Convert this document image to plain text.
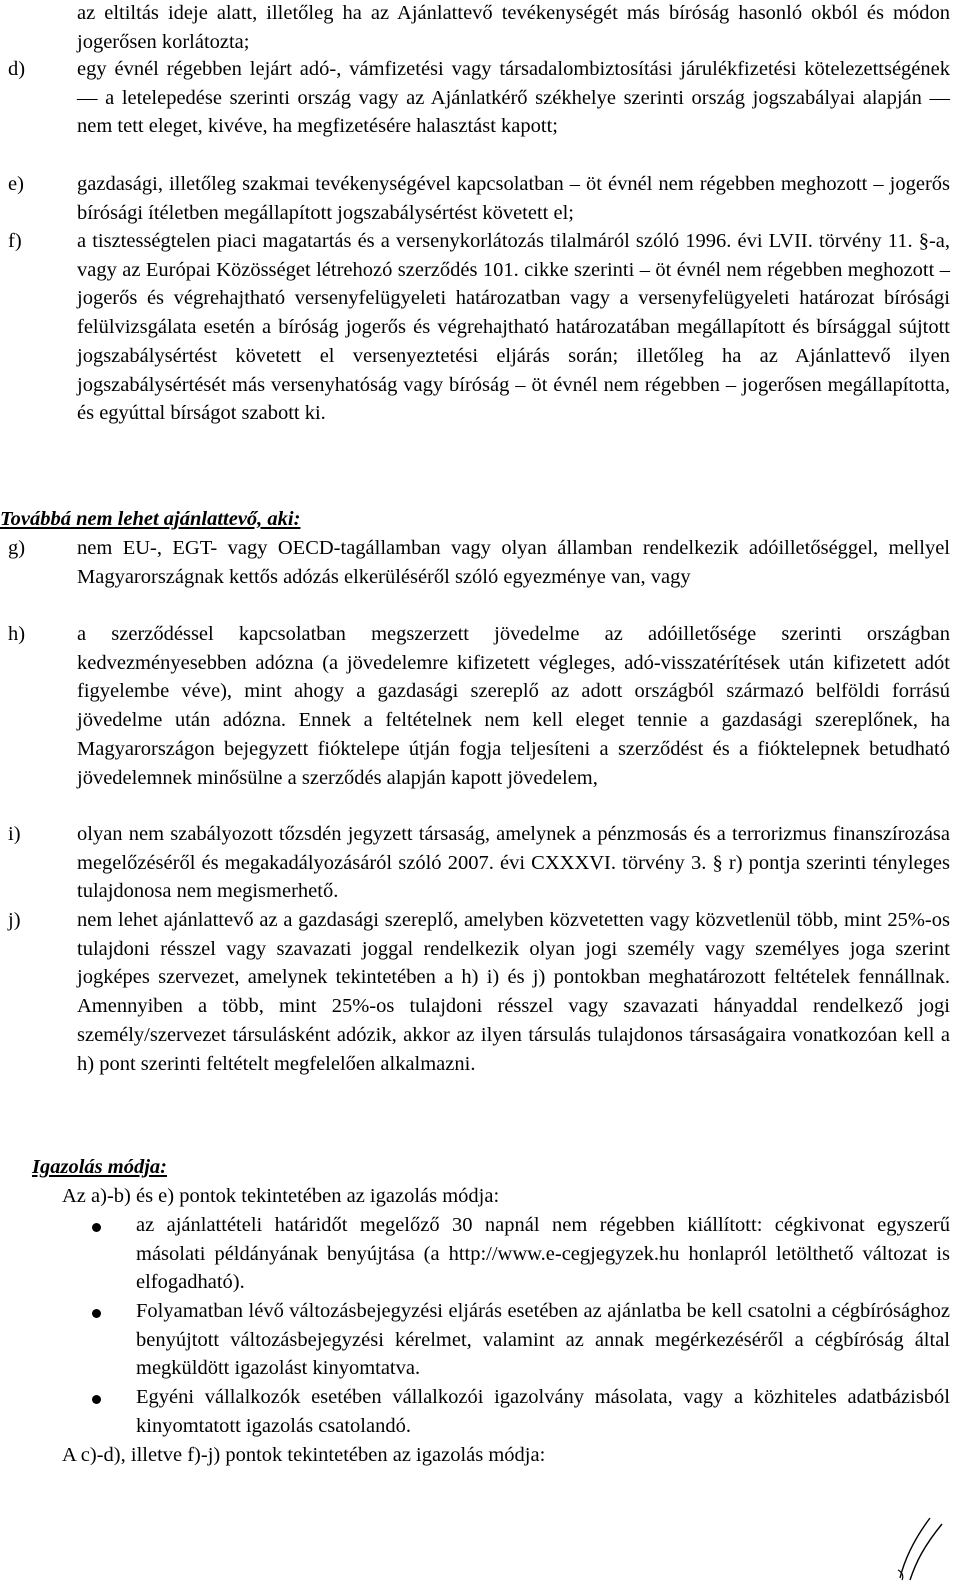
az eltiltás ideje alatt, illetőleg ha az Ajánlattevő tevékenységét más bíróság hasonló okból és módon jogerősen korlátozta;
d)	egy évnél régebben lejárt adó-, vámfizetési vagy társadalombiztosítási járulékfizetési kötelezettségének — a letelepedése szerinti ország vagy az Ajánlatkérő székhelye szerinti ország jogszabályai alapján — nem tett eleget, kivéve, ha megfizetésére halasztást kapott;
e)	gazdasági, illetőleg szakmai tevékenységével kapcsolatban – öt évnél nem régebben meghozott – jogerős bírósági ítéletben megállapított jogszabálysértést követett el;
f)	a tisztességtelen piaci magatartás és a versenykorlátozás tilalmáról szóló 1996. évi LVII. törvény 11. §-a, vagy az Európai Közösséget létrehozó szerződés 101. cikke szerinti – öt évnél nem régebben meghozott – jogerős és végrehajtható versenyfelügyeleti határozatban vagy a versenyfelügyeleti határozat bírósági felülvizsgálata esetén a bíróság jogerős és végrehajtható határozatában megállapított és bírsággal sújtott jogszabálysértést követett el versenyeztetési eljárás során; illetőleg ha az Ajánlattevő ilyen jogszabálysértését más versenyhatóság vagy bíróság – öt évnél nem régebben – jogerősen megállapította, és egyúttal bírságot szabott ki.
Továbbá nem lehet ajánlattevő, aki:
g)	nem EU-, EGT- vagy OECD-tagállamban vagy olyan államban rendelkezik adóilletőséggel, mellyel Magyarországnak kettős adózás elkerüléséről szóló egyezménye van, vagy
h)	a szerződéssel kapcsolatban megszerzett jövedelme az adóilletősége szerinti országban kedvezményesebben adózna (a jövedelemre kifizetett végleges, adó-visszatérítések után kifizetett adót figyelembe véve), mint ahogy a gazdasági szereplő az adott országból származó belföldi forrású jövedelme után adózna. Ennek a feltételnek nem kell eleget tennie a gazdasági szereplőnek, ha Magyarországon bejegyzett fióktelepe útján fogja teljesíteni a szerződést és a fióktelepnek betudható jövedelemnek minősülne a szerződés alapján kapott jövedelem,
i)	olyan nem szabályozott tőzsdén jegyzett társaság, amelynek a pénzmosás és a terrorizmus finanszírozása megelőzéséről és megakadályozásáról szóló 2007. évi CXXXVI. törvény 3. § r) pontja szerinti tényleges tulajdonosa nem megismerhető.
j)	nem lehet ajánlattevő az a gazdasági szereplő, amelyben közvetetten vagy közvetlenül több, mint 25%-os tulajdoni résszel vagy szavazati joggal rendelkezik olyan jogi személy vagy személyes joga szerint jogképes szervezet, amelynek tekintetében a h) i) és j) pontokban meghatározott feltételek fennállnak. Amennyiben a több, mint 25%-os tulajdoni résszel vagy szavazati hányaddal rendelkező jogi személy/szervezet társulásként adózik, akkor az ilyen társulás tulajdonos társaságaira vonatkozóan kell a h) pont szerinti feltételt megfelelően alkalmazni.
Igazolás módja:
Az a)-b) és e) pontok tekintetében az igazolás módja:
az ajánlattételi határidőt megelőző 30 napnál nem régebben kiállított: cégkivonat egyszerű másolati példányának benyújtása (a http://www.e-cegjegyzek.hu honlapról letölthető változat is elfogadható).
Folyamatban lévő változásbejegyzési eljárás esetében az ajánlatba be kell csatolni a cégbírósághoz benyújtott változásbejegyzési kérelmet, valamint az annak megérkezéséről a cégbíróság által megküldött igazolást kinyomtatva.
Egyéni vállalkozók esetében vállalkozói igazolvány másolata, vagy a közhiteles adatbázisból kinyomtatott igazolás csatolandó.
A c)-d), illetve f)-j) pontok tekintetében az igazolás módja:
